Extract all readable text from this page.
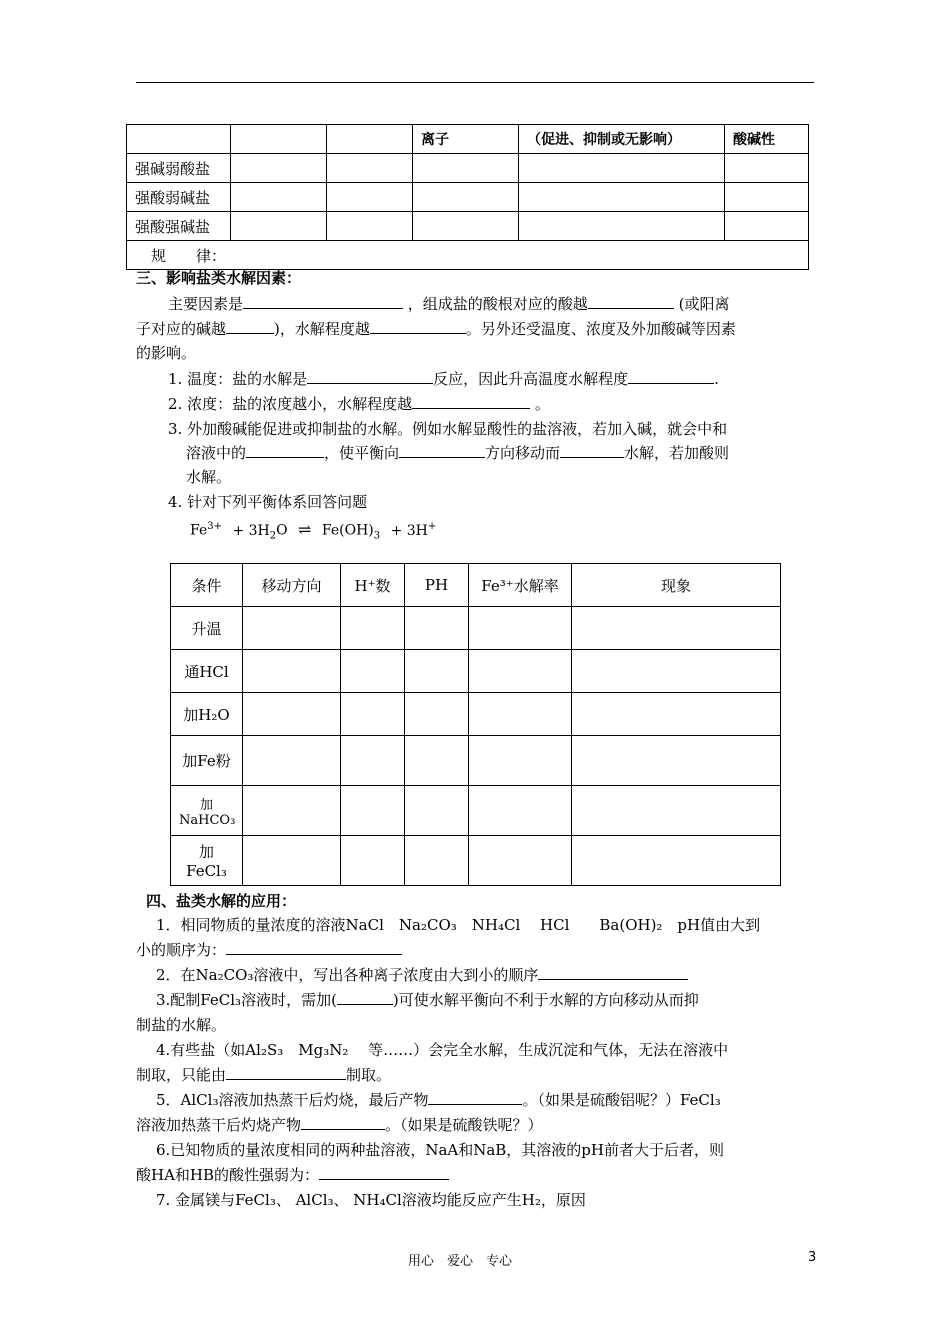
			离子	（促进、抑制或无影响）	酸碱性
强碱弱酸盐					
强酸弱碱盐					
强酸强碱盐					
规　　律：					
三、影响盐类水解因素：
主要因素是	，组成盐的酸根对应的酸越	(或阳离
子对应的碱越	)，水解程度越	。另外还受温度、浓度及外加酸碱等因素
的影响。
1. 温度：盐的水解是	反应，因此升高温度水解程度	.
2. 浓度：盐的浓度越小，水解程度越	。
3. 外加酸碱能促进或抑制盐的水解。例如水解显酸性的盐溶液，若加入碱，就会中和
溶液中的	，使平衡向	方向移动而	水解，若加酸则
水解。
4. 针对下列平衡体系回答问题
$Fe^{3+} + 3H_2O$ ⇌ $Fe(OH)_3 + 3H^+$
条件	移动方向	H⁺数	PH	Fe³⁺水解率	现象
升温					
通HCl					
加H₂O					
加Fe粉					
加NaHCO₃					
加FeCl₃					
四、盐类水解的应用：
1．相同物质的量浓度的溶液NaCl　Na₂CO₃　NH₄Cl　 HCl　　Ba(OH)₂　pH值由大到
小的顺序为：
2．在Na₂CO₃溶液中，写出各种离子浓度由大到小的顺序
3.配制FeCl₃溶液时，需加(	)可使水解平衡向不利于水解的方向移动从而抑
制盐的水解。
4.有些盐（如Al₂S₃　Mg₃N₂　 等……）会完全水解，生成沉淀和气体，无法在溶液中
制取，只能由	制取。
5．AlCl₃溶液加热蒸干后灼烧，最后产物	。（如果是硫酸铝呢？）FeCl₃
溶液加热蒸干后灼烧产物	。（如果是硫酸铁呢？）
6.已知物质的量浓度相同的两种盐溶液，NaA和NaB，其溶液的pH前者大于后者，则
酸HA和HB的酸性强弱为：
7. 金属镁与FeCl₃、 AlCl₃、 NH₄Cl溶液均能反应产生H₂，原因
用心　爱心　专心	3
